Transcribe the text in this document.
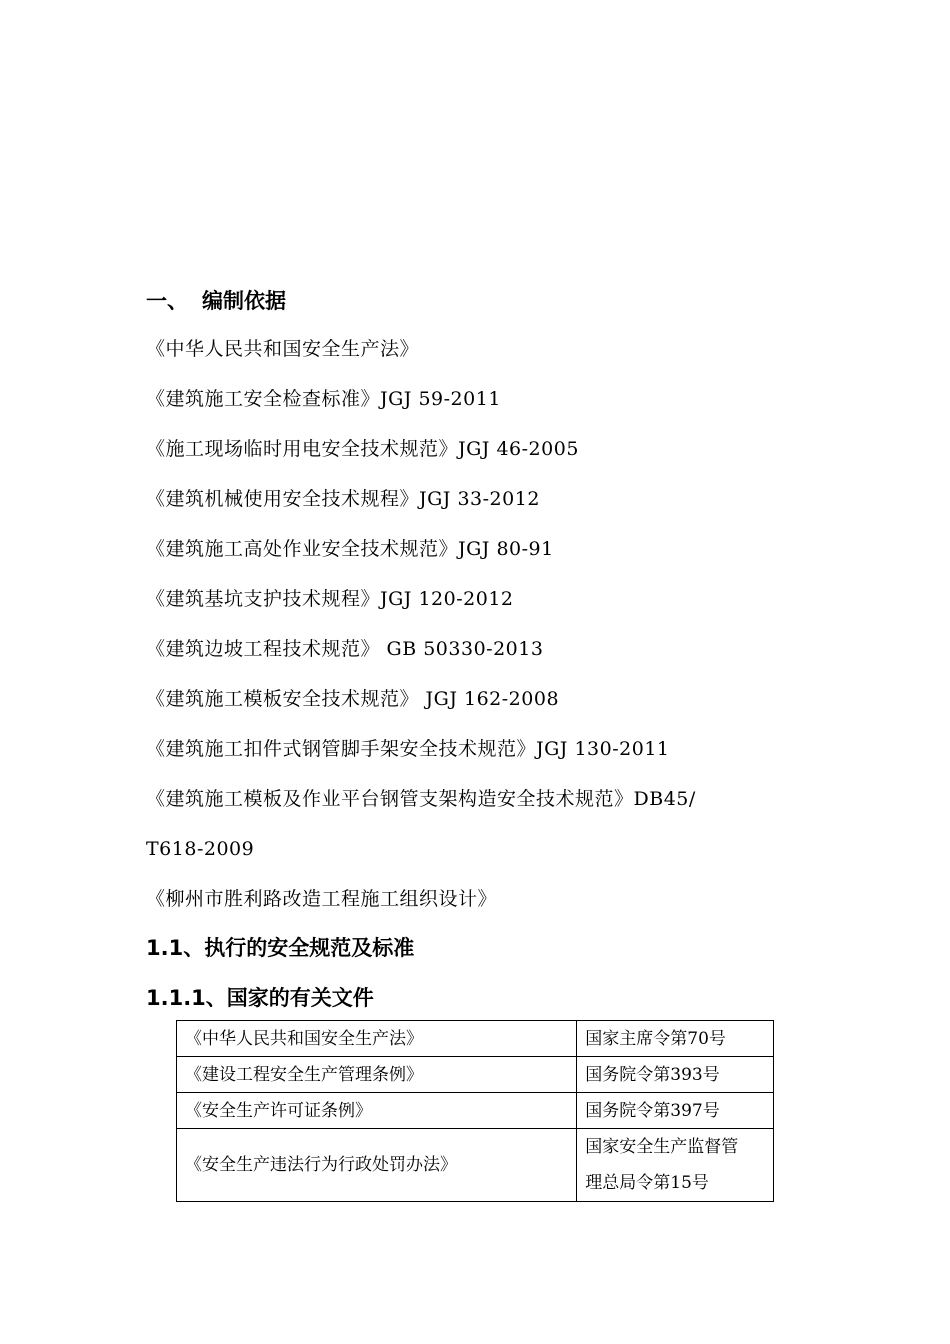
一、 编制依据
《中华人民共和国安全生产法》
《建筑施工安全检查标准》JGJ 59-2011
《施工现场临时用电安全技术规范》JGJ 46-2005
《建筑机械使用安全技术规程》JGJ 33-2012
《建筑施工高处作业安全技术规范》JGJ 80-91
《建筑基坑支护技术规程》JGJ 120-2012
《建筑边坡工程技术规范》 GB 50330-2013
《建筑施工模板安全技术规范》 JGJ 162-2008
《建筑施工扣件式钢管脚手架安全技术规范》JGJ 130-2011
《建筑施工模板及作业平台钢管支架构造安全技术规范》DB45/
T618-2009
《柳州市胜利路改造工程施工组织设计》
1.1、执行的安全规范及标准
1.1.1、国家的有关文件
《中华人民共和国安全生产法》	国家主席令第70号
《建设工程安全生产管理条例》	国务院令第393号
《安全生产许可证条例》	国务院令第397号
《安全生产违法行为行政处罚办法》	国家安全生产监督管
理总局令第15号
